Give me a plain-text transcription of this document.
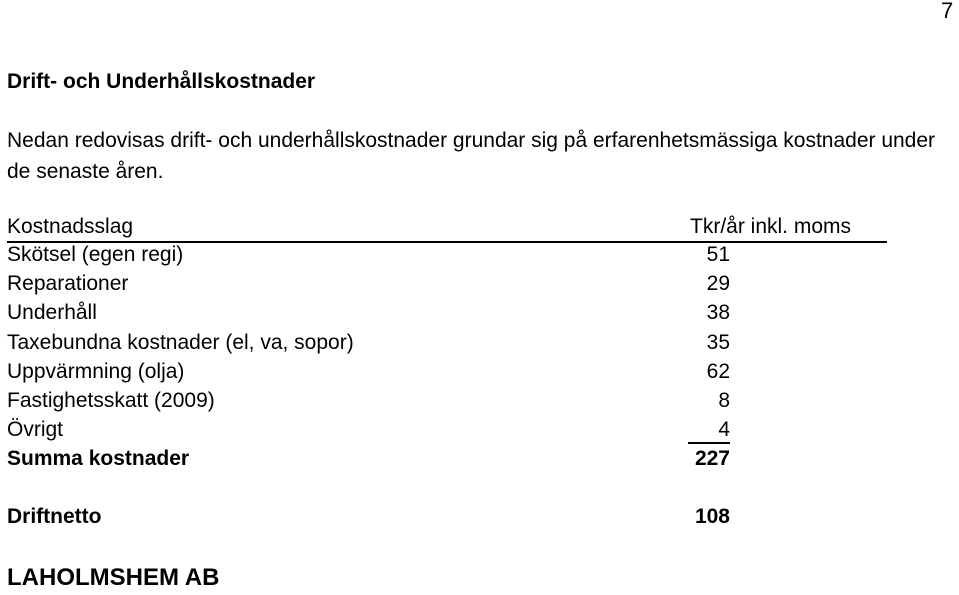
7
Drift- och Underhållskostnader
Nedan redovisas drift- och underhållskostnader grundar sig på erfarenhetsmässiga kostnader under de senaste åren.
Kostnadsslag	Tkr/år inkl. moms
Skötsel (egen regi)	51
Reparationer	29
Underhåll	38
Taxebundna kostnader (el, va, sopor)	35
Uppvärmning (olja)	62
Fastighetsskatt (2009)	8
Övrigt	4
Summa kostnader	227
Driftnetto	108
LAHOLMSHEM AB
